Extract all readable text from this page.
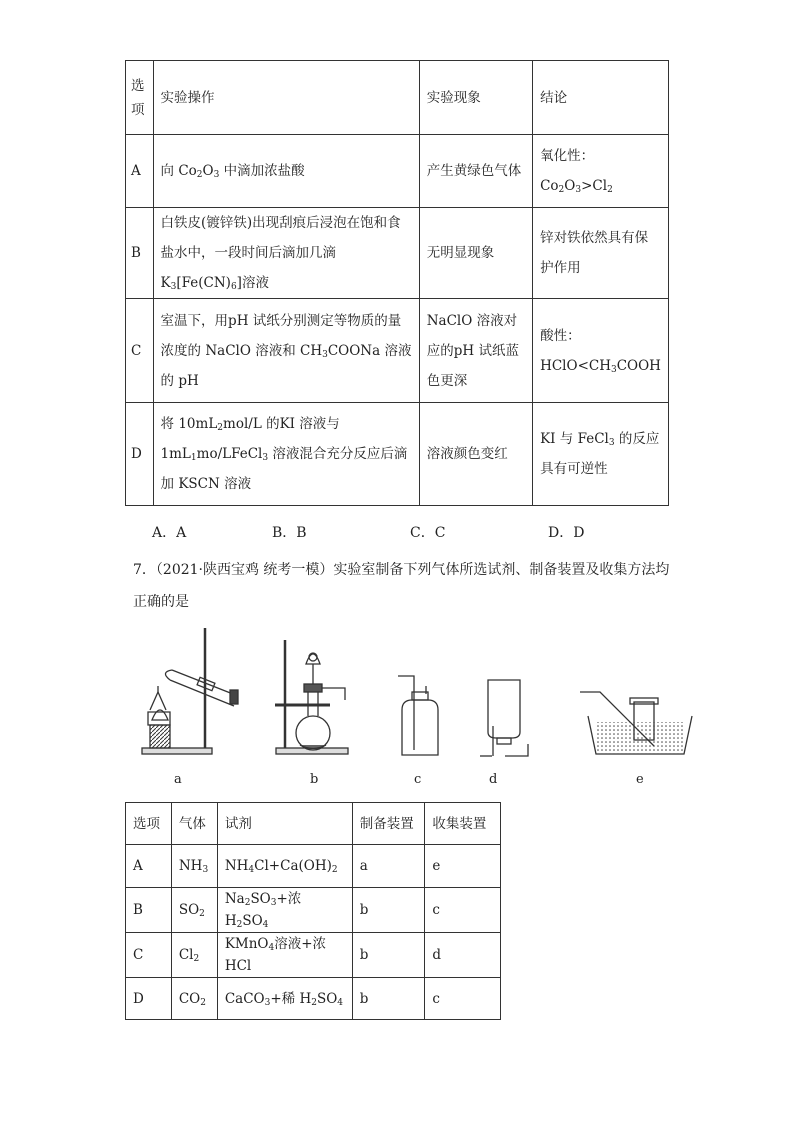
选
项	实验操作	实验现象	结论
A	向 $Co_2O_3$ 中滴加浓盐酸	产生黄绿色气体	氧化性：$Co_2O_3>Cl_2$
B	白铁皮(镀锌铁)出现刮痕后浸泡在饱和食盐水中，一段时间后滴加几滴 $K_3[Fe(CN)_6]$溶液	无明显现象	锌对铁依然具有保护作用
C	室温下，用pH 试纸分别测定等物质的量浓度的 NaClO 溶液和 $CH_3COONa$ 溶液的 pH	NaClO 溶液对应的pH 试纸蓝色更深	酸性：$HClO<CH_3COOH$
D	将 $10mL_2mol/L$ 的KI 溶液与 $1mL_1mo/LFeCl_3$ 溶液混合充分反应后滴加 KSCN 溶液	溶液颜色变红	KI 与 FeCl$_3$ 的反应具有可逆性
A．A	B．B	C．C	D．D
7．（2021·陕西宝鸡 统考一模）实验室制备下列气体所选试剂、制备装置及收集方法均
正确的是
a	b	c	d	e
选项	气体	试剂	制备装置	收集装置
A	$NH_3$	$NH_4Cl+Ca(OH)_2$	a	e
B	$SO_2$	$Na_2SO_3+$浓 $H_2SO_4$	b	c
C	$Cl_2$	KMnO$_4$溶液+浓 HCl	b	d
D	$CO_2$	CaCO$_3$+稀 $H_2SO_4$	b	c
